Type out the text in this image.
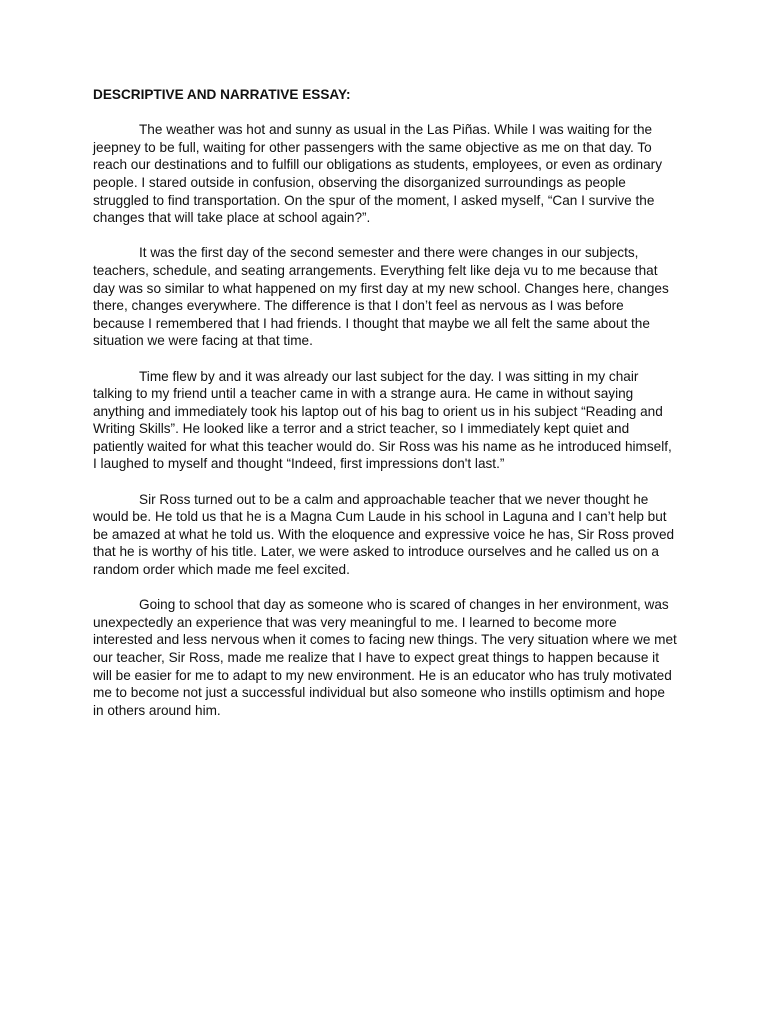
DESCRIPTIVE AND NARRATIVE ESSAY:

The weather was hot and sunny as usual in the Las Piñas. While I was waiting for the jeepney to be full, waiting for other passengers with the same objective as me on that day. To reach our destinations and to fulfill our obligations as students, employees, or even as ordinary people. I stared outside in confusion, observing the disorganized surroundings as people struggled to find transportation. On the spur of the moment, I asked myself, “Can I survive the changes that will take place at school again?”.

It was the first day of the second semester and there were changes in our subjects, teachers, schedule, and seating arrangements. Everything felt like deja vu to me because that day was so similar to what happened on my first day at my new school. Changes here, changes there, changes everywhere. The difference is that I don’t feel as nervous as I was before because I remembered that I had friends. I thought that maybe we all felt the same about the situation we were facing at that time.

Time flew by and it was already our last subject for the day. I was sitting in my chair talking to my friend until a teacher came in with a strange aura. He came in without saying anything and immediately took his laptop out of his bag to orient us in his subject “Reading and Writing Skills”. He looked like a terror and a strict teacher, so I immediately kept quiet and patiently waited for what this teacher would do. Sir Ross was his name as he introduced himself, I laughed to myself and thought “Indeed, first impressions don't last.”

Sir Ross turned out to be a calm and approachable teacher that we never thought he would be. He told us that he is a Magna Cum Laude in his school in Laguna and I can’t help but be amazed at what he told us. With the eloquence and expressive voice he has, Sir Ross proved that he is worthy of his title. Later, we were asked to introduce ourselves and he called us on a random order which made me feel excited.

Going to school that day as someone who is scared of changes in her environment, was unexpectedly an experience that was very meaningful to me. I learned to become more interested and less nervous when it comes to facing new things. The very situation where we met our teacher, Sir Ross, made me realize that I have to expect great things to happen because it will be easier for me to adapt to my new environment. He is an educator who has truly motivated me to become not just a successful individual but also someone who instills optimism and hope in others around him.
